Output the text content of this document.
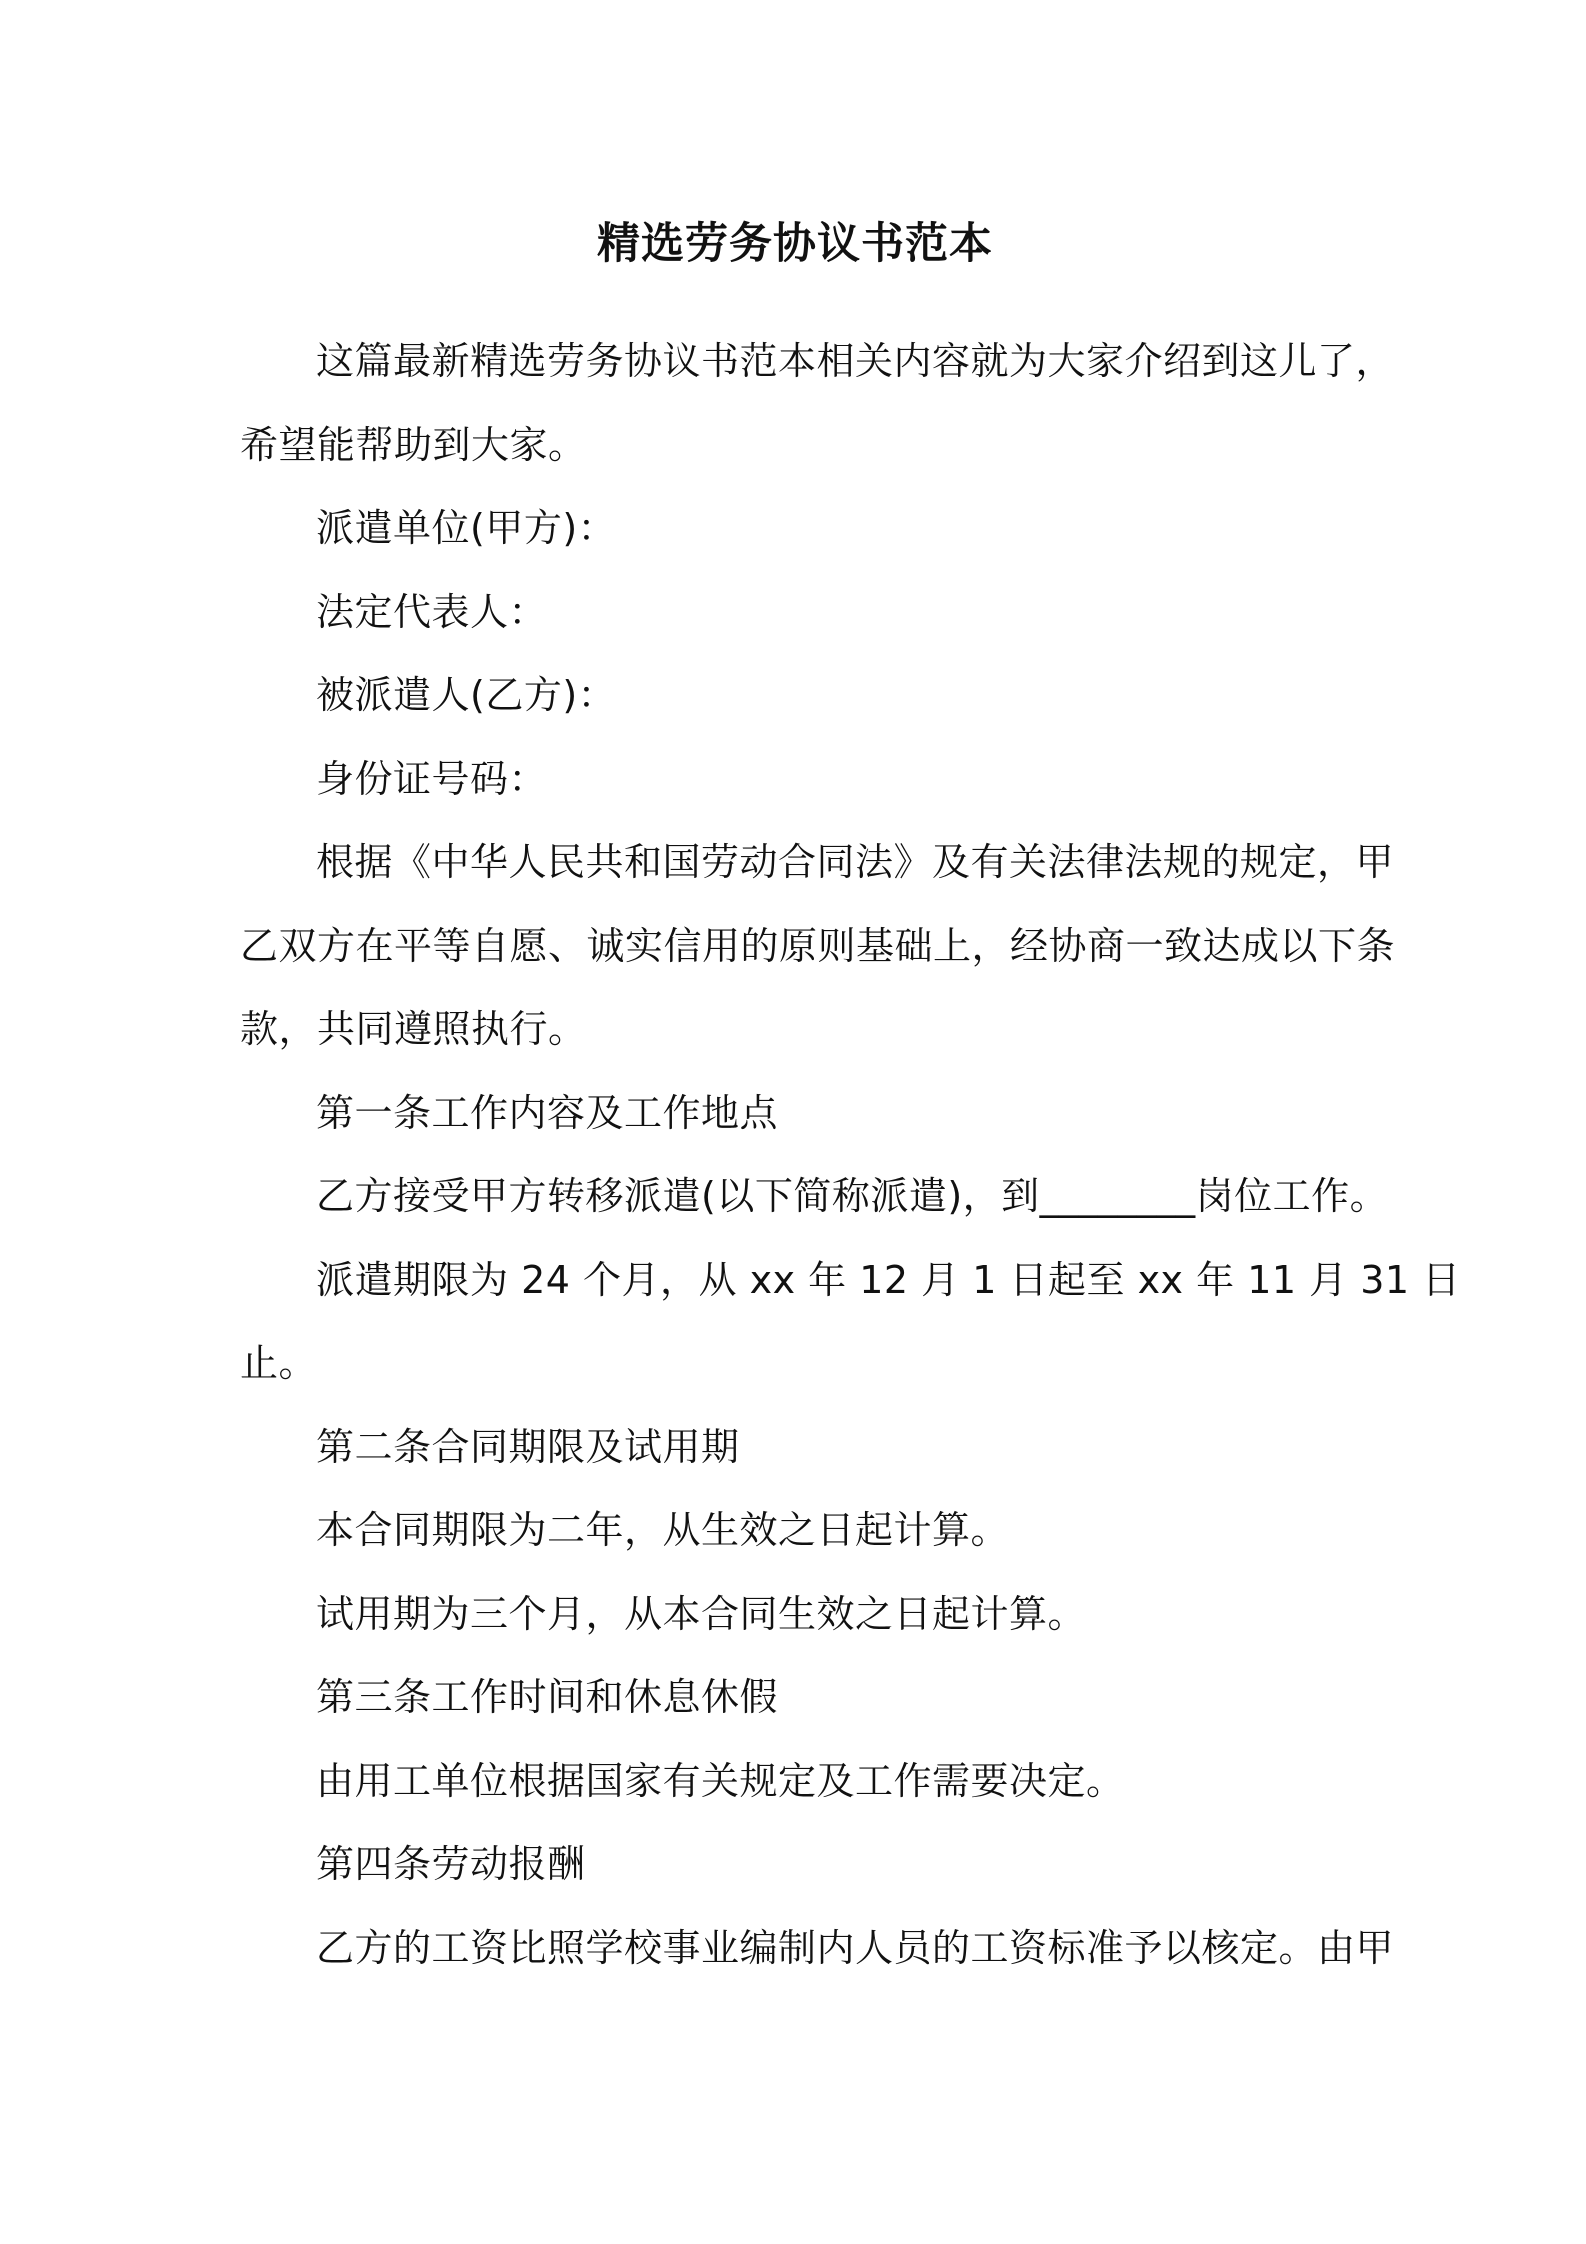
精选劳务协议书范本

这篇最新精选劳务协议书范本相关内容就为大家介绍到这儿了，
希望能帮助到大家。

派遣单位(甲方)：

法定代表人：

被派遣人(乙方)：

身份证号码：

根据《中华人民共和国劳动合同法》及有关法律法规的规定，甲
乙双方在平等自愿、诚实信用的原则基础上，经协商一致达成以下条
款，共同遵照执行。

第一条工作内容及工作地点

乙方接受甲方转移派遣(以下简称派遣)，到________岗位工作。

派遣期限为 24 个月，从 xx 年 12 月 1 日起至 xx 年 11 月 31 日
止。

第二条合同期限及试用期

本合同期限为二年，从生效之日起计算。

试用期为三个月，从本合同生效之日起计算。

第三条工作时间和休息休假

由用工单位根据国家有关规定及工作需要决定。

第四条劳动报酬

乙方的工资比照学校事业编制内人员的工资标准予以核定。由甲
